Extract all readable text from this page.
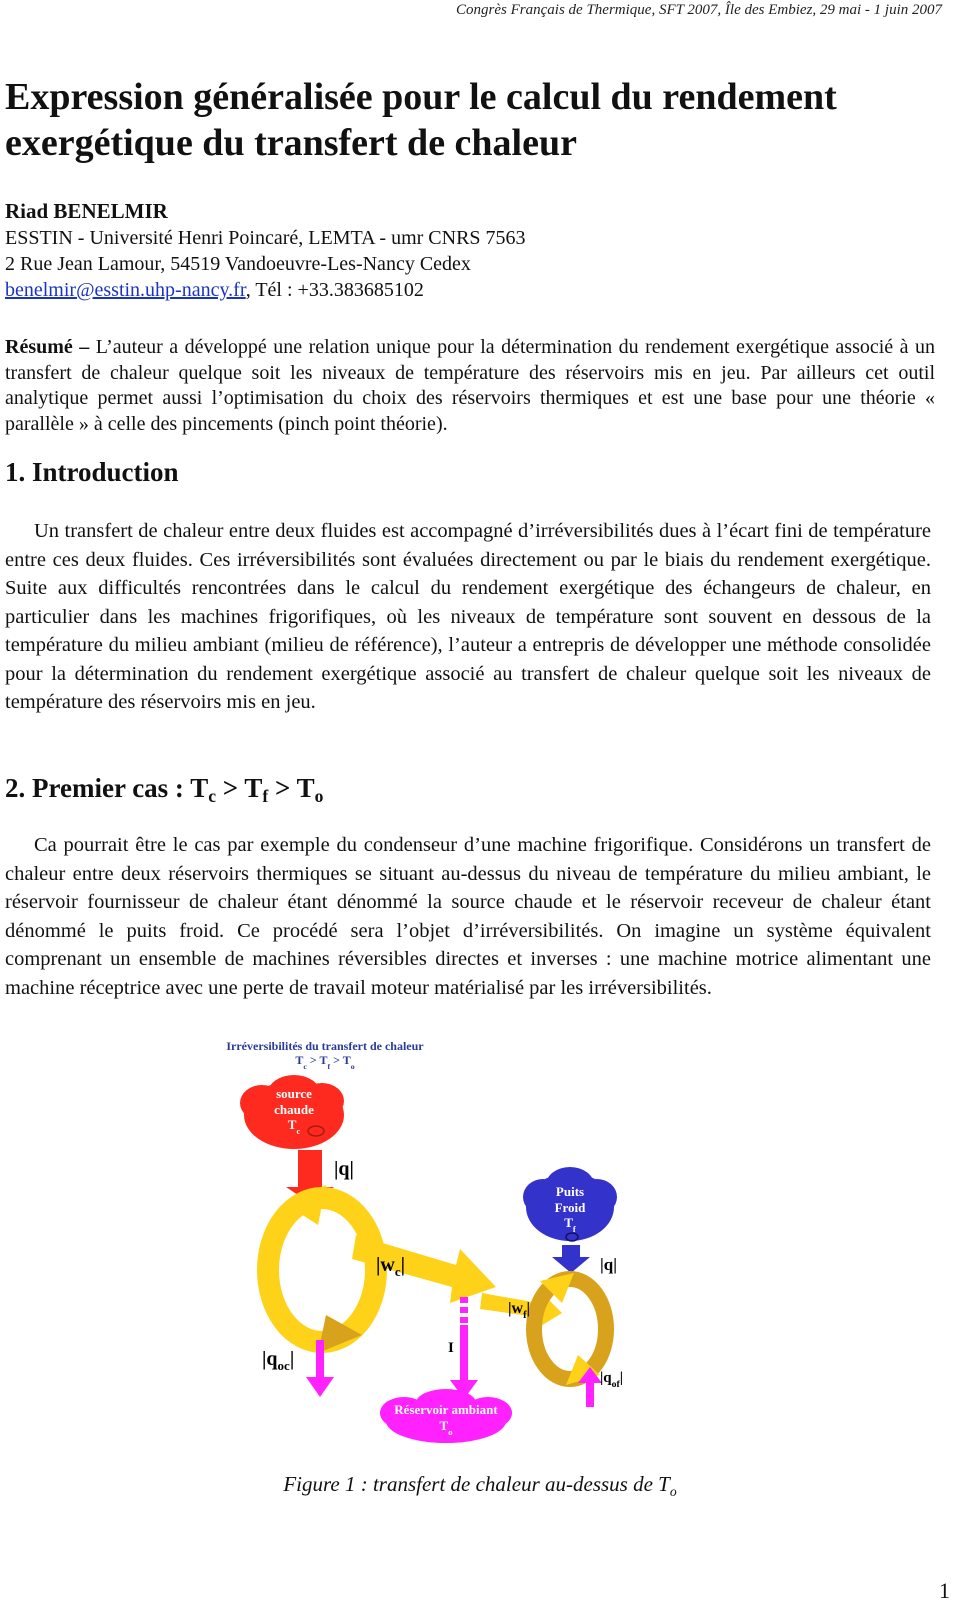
Congrès Français de Thermique, SFT 2007, Île des Embiez, 29 mai - 1 juin 2007
Expression généralisée pour le calcul du rendement exergétique du transfert de chaleur
Riad BENELMIR
ESSTIN - Université Henri Poincaré, LEMTA - umr CNRS 7563
2 Rue Jean Lamour, 54519 Vandoeuvre-Les-Nancy Cedex
benelmir@esstin.uhp-nancy.fr, Tél : +33.383685102
Résumé – L’auteur a développé une relation unique pour la détermination du rendement exergétique associé à un transfert de chaleur quelque soit les niveaux de température des réservoirs mis en jeu. Par ailleurs cet outil analytique permet aussi l’optimisation du choix des réservoirs thermiques et est une base pour une théorie « parallèle » à celle des pincements (pinch point théorie).
1. Introduction
Un transfert de chaleur entre deux fluides est accompagné d’irréversibilités dues à l’écart fini de température entre ces deux fluides. Ces irréversibilités sont évaluées directement ou par le biais du rendement exergétique. Suite aux difficultés rencontrées dans le calcul du rendement exergétique des échangeurs de chaleur, en particulier dans les machines frigorifiques, où les niveaux de température sont souvent en dessous de la température du milieu ambiant (milieu de référence), l’auteur a entrepris de développer une méthode consolidée pour la détermination du rendement exergétique associé au transfert de chaleur quelque soit les niveaux de température des réservoirs mis en jeu.
2. Premier cas : $T_c > T_f > T_o$
Ca pourrait être le cas par exemple du condenseur d’une machine frigorifique. Considérons un transfert de chaleur entre deux réservoirs thermiques se situant au-dessus du niveau de température du milieu ambiant, le réservoir fournisseur de chaleur étant dénommé la source chaude et le réservoir receveur de chaleur étant dénommé le puits froid. Ce procédé sera l’objet d’irréversibilités. On imagine un système équivalent comprenant un ensemble de machines réversibles directes et inverses : une machine motrice alimentant une machine réceptrice avec une perte de travail moteur matérialisé par les irréversibilités.
Irréversibilités du transfert de chaleur
$T_c > T_f > T_o$
source
chaude
$T_c$
Puits
Froid
$T_f$
Réservoir ambiant
$T_o$
|q|
$|w_c|$
$|w_f|$
|q|
$|q_{oc}|$
$|q_{of}|$
I
Figure 1 : transfert de chaleur au-dessus de $T_o$
1
